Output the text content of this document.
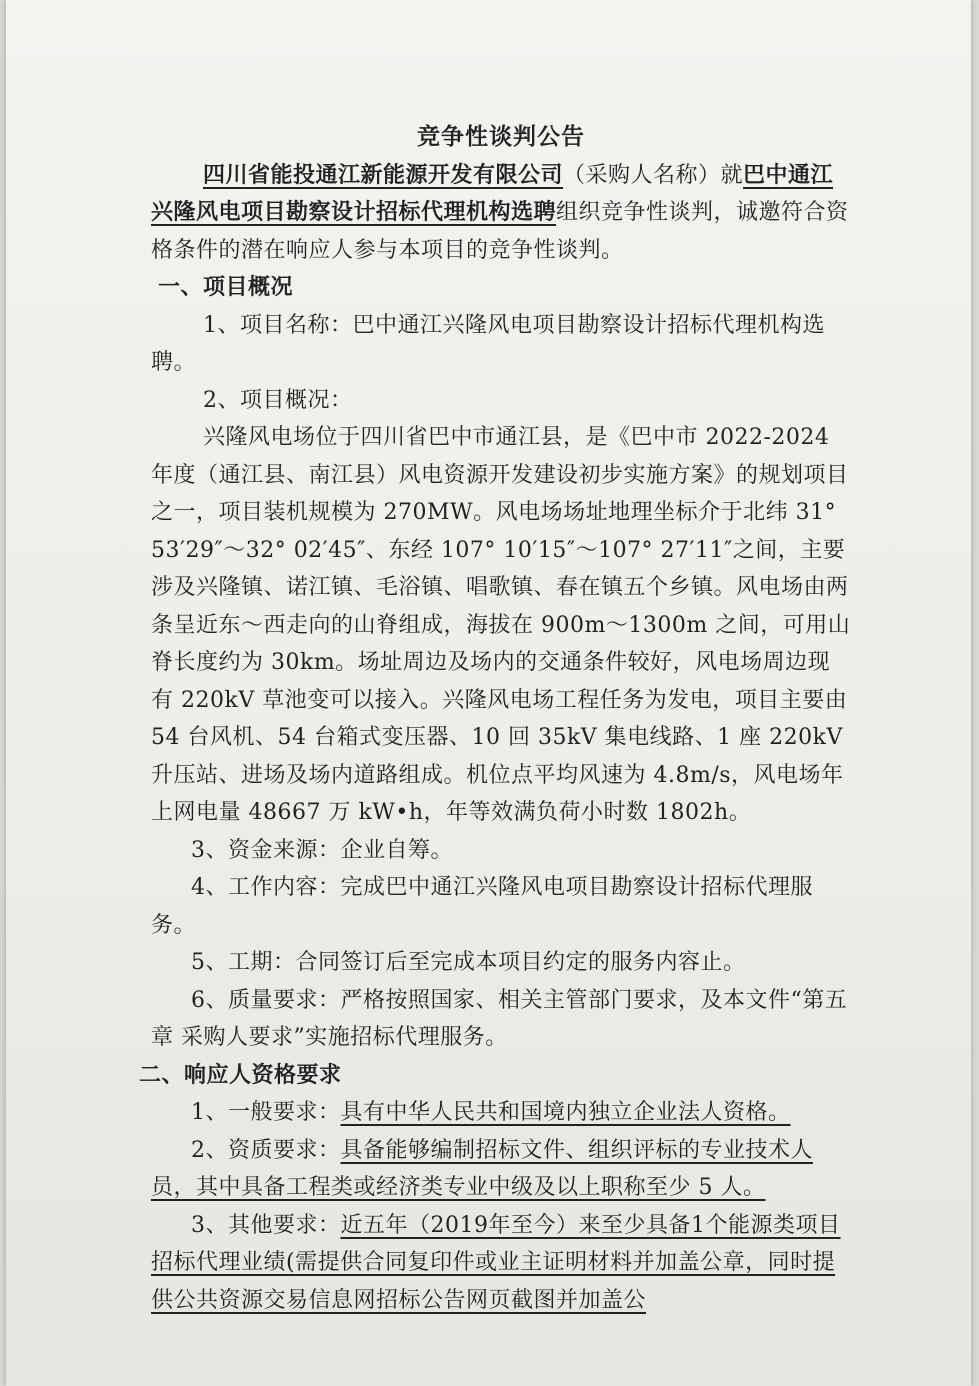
竞争性谈判公告

四川省能投通江新能源开发有限公司（采购人名称）就巴中通江兴隆风电项目勘察设计招标代理机构选聘组织竞争性谈判，诚邀符合资格条件的潜在响应人参与本项目的竞争性谈判。

一、项目概况

1、项目名称：巴中通江兴隆风电项目勘察设计招标代理机构选聘。

2、项目概况：

兴隆风电场位于四川省巴中市通江县，是《巴中市 2022-2024 年度（通江县、南江县）风电资源开发建设初步实施方案》的规划项目之一，项目装机规模为 270MW。风电场场址地理坐标介于北纬 31° 53′29″～32° 02′45″、东经 107° 10′15″～107° 27′11″之间，主要涉及兴隆镇、诺江镇、毛浴镇、唱歌镇、春在镇五个乡镇。风电场由两条呈近东～西走向的山脊组成，海拔在 900m～1300m 之间，可用山脊长度约为 30km。场址周边及场内的交通条件较好，风电场周边现有 220kV 草池变可以接入。兴隆风电场工程任务为发电，项目主要由 54 台风机、54 台箱式变压器、10 回 35kV 集电线路、1 座 220kV 升压站、进场及场内道路组成。机位点平均风速为 4.8m/s，风电场年上网电量 48667 万 kW•h，年等效满负荷小时数 1802h。

3、资金来源：企业自筹。

4、工作内容：完成巴中通江兴隆风电项目勘察设计招标代理服务。

5、工期：合同签订后至完成本项目约定的服务内容止。

6、质量要求：严格按照国家、相关主管部门要求，及本文件“第五章 采购人要求”实施招标代理服务。

二、响应人资格要求

1、一般要求：具有中华人民共和国境内独立企业法人资格。

2、资质要求：具备能够编制招标文件、组织评标的专业技术人员，其中具备工程类或经济类专业中级及以上职称至少 5 人。

3、其他要求：近五年（2019年至今）来至少具备1个能源类项目招标代理业绩(需提供合同复印件或业主证明材料并加盖公章，同时提供公共资源交易信息网招标公告网页截图并加盖公
